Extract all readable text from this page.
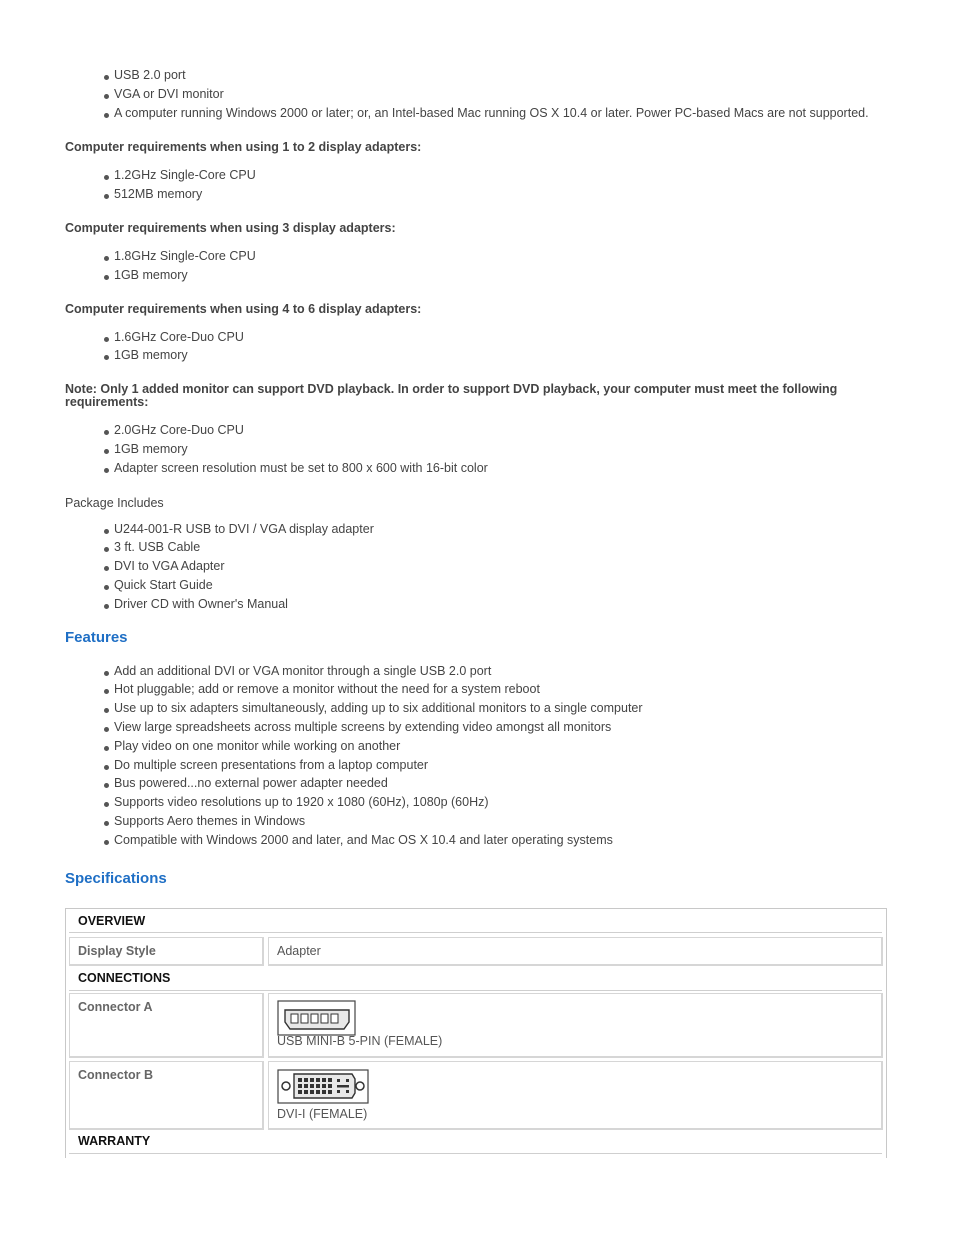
USB 2.0 port
VGA or DVI monitor
A computer running Windows 2000 or later; or, an Intel-based Mac running OS X 10.4 or later. Power PC-based Macs are not supported.

Computer requirements when using 1 to 2 display adapters:

1.2GHz Single-Core CPU
512MB memory

Computer requirements when using 3 display adapters:

1.8GHz Single-Core CPU
1GB memory

Computer requirements when using 4 to 6 display adapters:

1.6GHz Core-Duo CPU
1GB memory

Note: Only 1 added monitor can support DVD playback. In order to support DVD playback, your computer must meet the following
requirements:

2.0GHz Core-Duo CPU
1GB memory
Adapter screen resolution must be set to 800 x 600 with 16-bit color

Package Includes

U244-001-R USB to DVI / VGA display adapter
3 ft. USB Cable
DVI to VGA Adapter
Quick Start Guide
Driver CD with Owner's Manual
Features
Add an additional DVI or VGA monitor through a single USB 2.0 port
Hot pluggable; add or remove a monitor without the need for a system reboot
Use up to six adapters simultaneously, adding up to six additional monitors to a single computer
View large spreadsheets across multiple screens by extending video amongst all monitors
Play video on one monitor while working on another
Do multiple screen presentations from a laptop computer
Bus powered...no external power adapter needed
Supports video resolutions up to 1920 x 1080 (60Hz), 1080p (60Hz)
Supports Aero themes in Windows
Compatible with Windows 2000 and later, and Mac OS X 10.4 and later operating systems
Specifications
OVERVIEW
Display Style	Adapter
CONNECTIONS
Connector A
USB MINI-B 5-PIN (FEMALE)
Connector B
DVI-I (FEMALE)
WARRANTY
